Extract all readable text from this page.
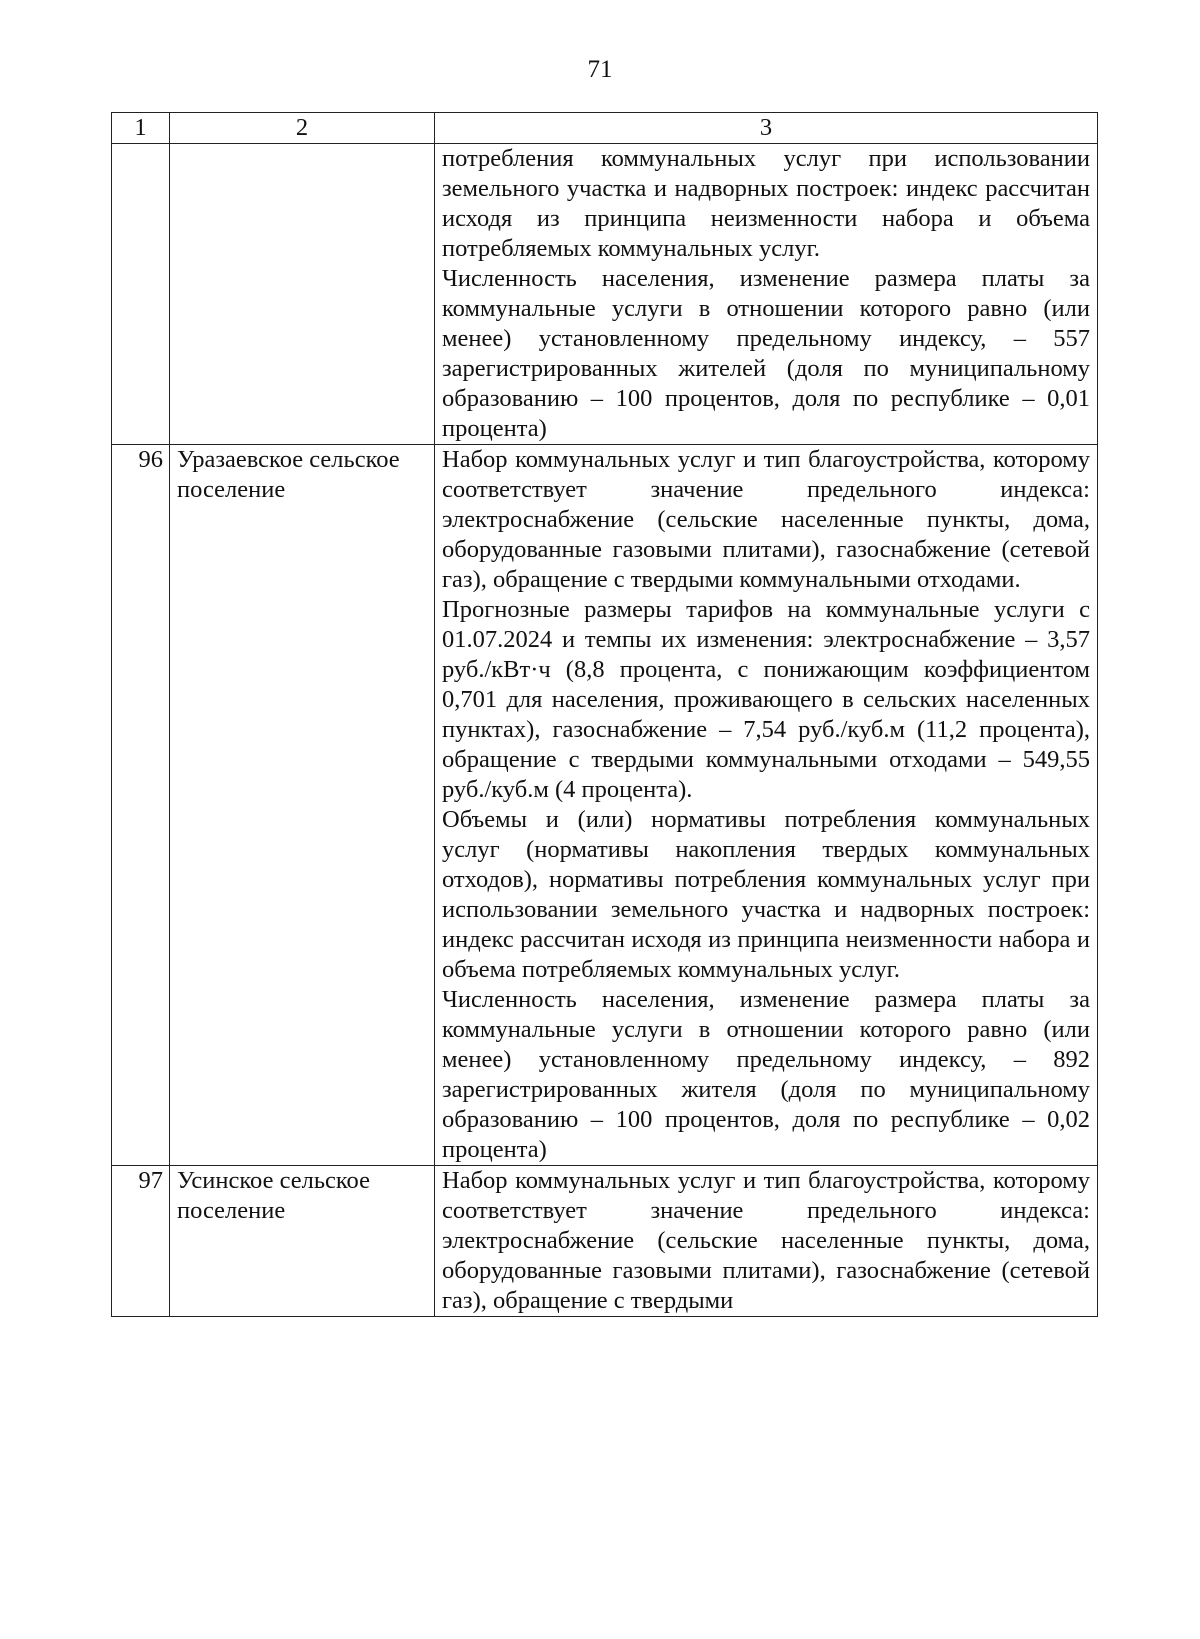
71
1	2	3

		потребления коммунальных услуг при использовании земельного участка и надворных построек: индекс рассчитан исходя из принципа неизменности набора и объема потребляемых коммунальных услуг.
Численность населения, изменение размера платы за коммунальные услуги в отношении которого равно (или менее) установленному предельному индексу, – 557 зарегистрированных жителей (доля по муниципальному образованию – 100 процентов, доля по республике – 0,01 процента)

96	Уразаевское сельское поселение	Набор коммунальных услуг и тип благоустройства, которому соответствует значение предельного индекса: электроснабжение (сельские населенные пункты, дома, оборудованные газовыми плитами), газоснабжение (сетевой газ), обращение с твердыми коммунальными отходами.
Прогнозные размеры тарифов на коммунальные услуги с 01.07.2024 и темпы их изменения: электроснабжение – 3,57 руб./кВт·ч (8,8 процента, с понижающим коэффициентом 0,701 для населения, проживающего в сельских населенных пунктах), газоснабжение – 7,54 руб./куб.м (11,2 процента), обращение с твердыми коммунальными отходами – 549,55 руб./куб.м (4 процента).
Объемы и (или) нормативы потребления коммунальных услуг (нормативы накопления твердых коммунальных отходов), нормативы потребления коммунальных услуг при использовании земельного участка и надворных построек: индекс рассчитан исходя из принципа неизменности набора и объема потребляемых коммунальных услуг.
Численность населения, изменение размера платы за коммунальные услуги в отношении которого равно (или менее) установленному предельному индексу, – 892 зарегистрированных жителя (доля по муниципальному образованию – 100 процентов, доля по республике – 0,02 процента)

97	Усинское сельское поселение	Набор коммунальных услуг и тип благоустройства, которому соответствует значение предельного индекса: электроснабжение (сельские населенные пункты, дома, оборудованные газовыми плитами), газоснабжение (сетевой газ), обращение с твердыми
